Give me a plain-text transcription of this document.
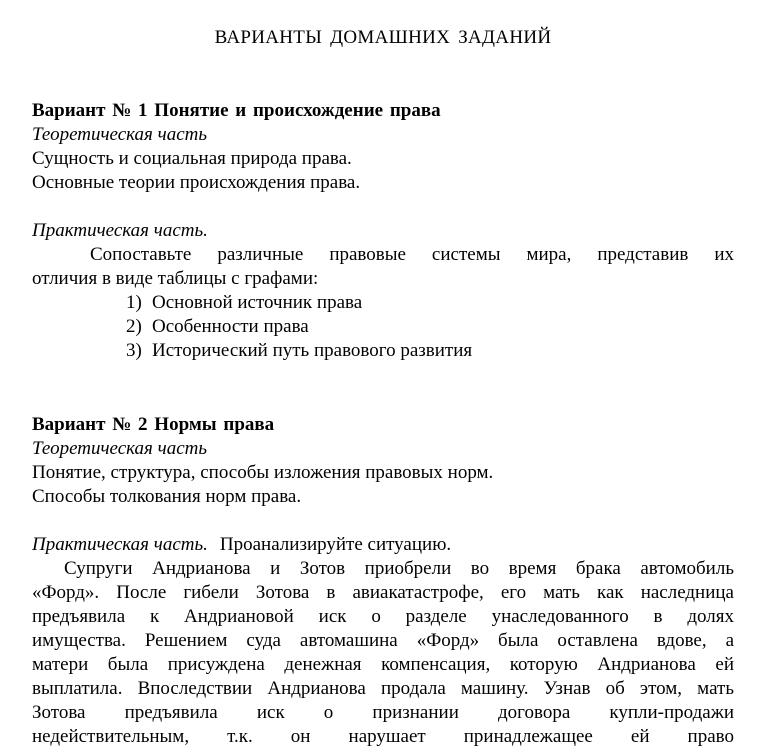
ВАРИАНТЫ ДОМАШНИХ ЗАДАНИЙ
Вариант № 1 Понятие и происхождение права
Теоретическая часть
Сущность и социальная природа права.
Основные теории происхождения права.
Практическая часть.
Сопоставьте различные правовые системы мира, представив их
отличия в виде таблицы с графами:
1) Основной источник права
2) Особенности права
3) Исторический путь правового развития
Вариант № 2 Нормы права
Теоретическая часть
Понятие, структура, способы изложения правовых норм.
Способы толкования норм права.
Практическая часть. Проанализируйте ситуацию.
Супруги Андрианова и Зотов приобрели во время брака автомобиль
«Форд». После гибели Зотова в авиакатастрофе, его мать как наследница
предъявила к Андриановой иск о разделе унаследованного в долях
имущества. Решением суда автомашина «Форд» была оставлена вдове, а
матери была присуждена денежная компенсация, которую Андрианова ей
выплатила. Впоследствии Андрианова продала машину. Узнав об этом, мать
Зотова предъявила иск о признании договора купли-продажи
недействительным, т.к. он нарушает принадлежащее ей право
